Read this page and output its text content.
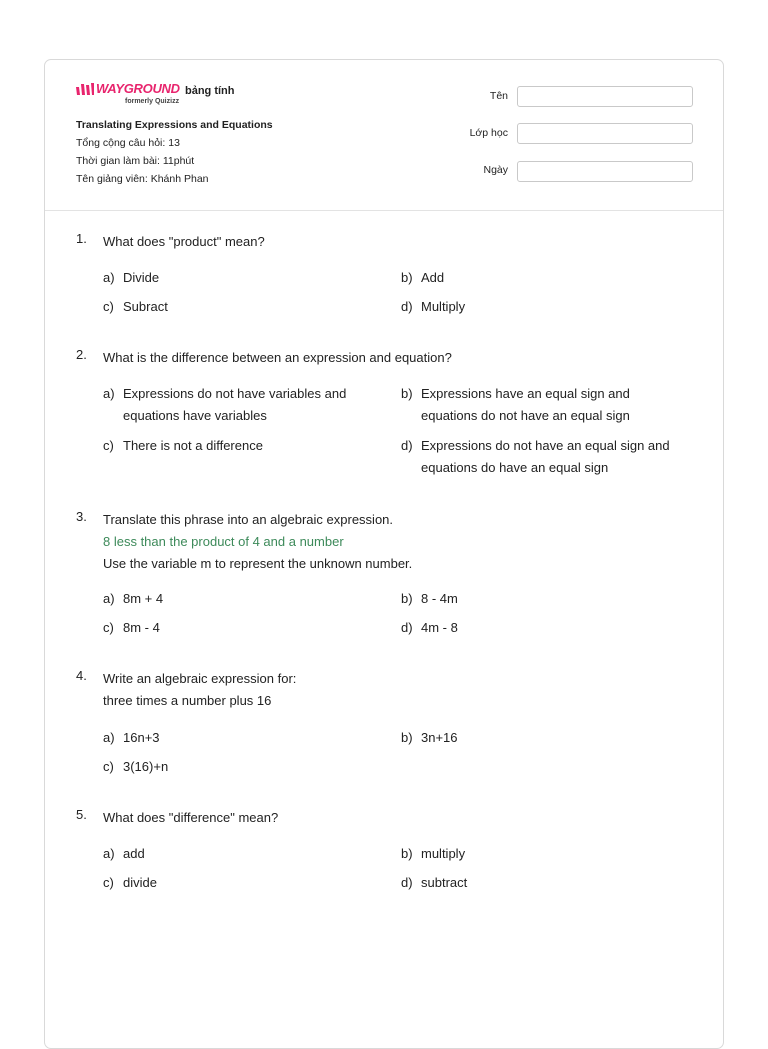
WAYGROUND
formerly Quizizz
bảng tính
Translating Expressions and Equations
Tổng cộng câu hỏi: 13
Thời gian làm bài: 11phút
Tên giảng viên: Khánh Phan
Tên
Lớp học
Ngày
1.	What does "product" mean?
a) Divide	b) Add
c) Subract	d) Multiply
2.	What is the difference between an expression and equation?
a) Expressions do not have variables and equations have variables
b) Expressions have an equal sign and equations do not have an equal sign
c) There is not a difference	d) Expressions do not have an equal sign and equations do have an equal sign
3.	Translate this phrase into an algebraic expression.
8 less than the product of 4 and a number
Use the variable m to represent the unknown number.
a) 8m + 4	b) 8 - 4m
c) 8m - 4	d) 4m - 8
4.	Write an algebraic expression for:
three times a number plus 16
a) 16n+3	b) 3n+16
c) 3(16)+n
5.	What does "difference" mean?
a) add	b) multiply
c) divide	d) subtract
